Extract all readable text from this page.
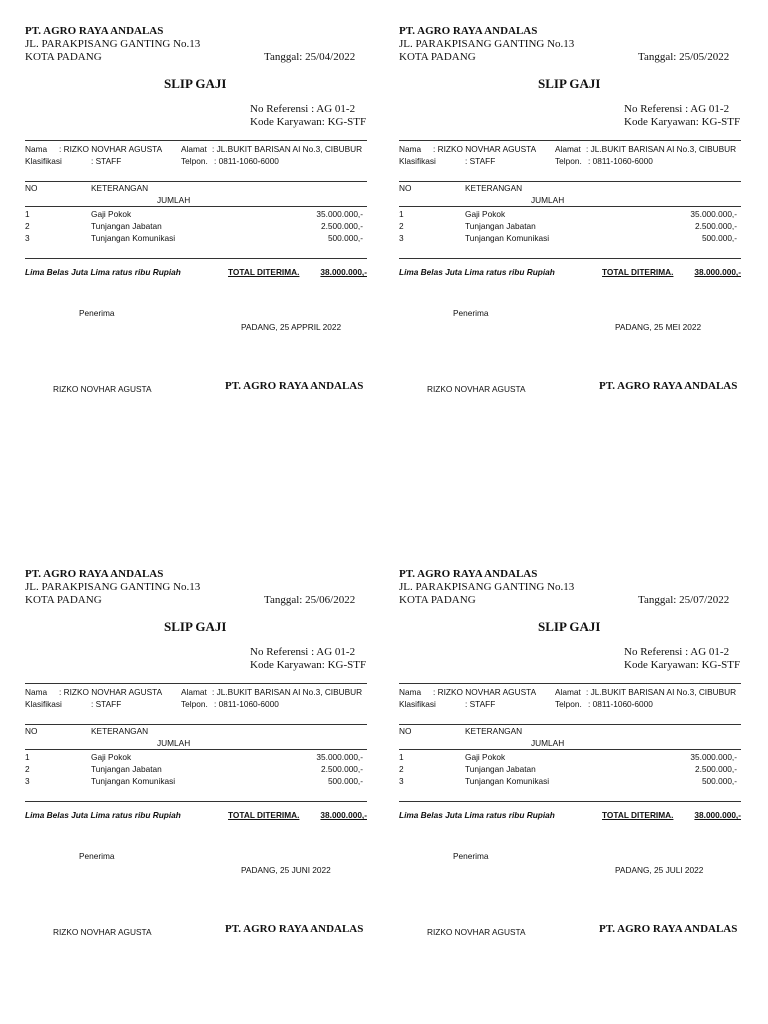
PT. AGRO RAYA ANDALAS
JL. PARAKPISANG GANTING No.13
KOTA PADANG	Tanggal: 25/04/2022
SLIP GAJI
No Referensi : AG 01-2
Kode Karyawan: KG-STF
Nama : RIZKO NOVHAR AGUSTA Alamat : JL.BUKIT BARISAN AI No.3, CIBUBUR
Klasifikasi	: STAFF	Telpon. : 0811-1060-6000
NO	KETERANGAN
JUMLAH
1	Gaji Pokok	35.000.000,-
2	Tunjangan Jabatan	2.500.000,-
3	Tunjangan Komunikasi	500.000,-
Lima Belas Juta Lima ratus ribu Rupiah	TOTAL DITERIMA.	38.000.000,-
Penerima
PADANG, 25 APPRIL 2022
RIZKO NOVHAR AGUSTA	PT. AGRO RAYA ANDALAS
PT. AGRO RAYA ANDALAS
JL. PARAKPISANG GANTING No.13
KOTA PADANG	Tanggal: 25/05/2022
SLIP GAJI
No Referensi : AG 01-2
Kode Karyawan: KG-STF
Nama : RIZKO NOVHAR AGUSTA Alamat : JL.BUKIT BARISAN AI No.3, CIBUBUR
Klasifikasi	: STAFF	Telpon. : 0811-1060-6000
NO	KETERANGAN
JUMLAH
1	Gaji Pokok	35.000.000,-
2	Tunjangan Jabatan	2.500.000,-
3	Tunjangan Komunikasi	500.000,-
Lima Belas Juta Lima ratus ribu Rupiah	TOTAL DITERIMA.	38.000.000,-
Penerima
PADANG, 25 MEI 2022
RIZKO NOVHAR AGUSTA	PT. AGRO RAYA ANDALAS
PT. AGRO RAYA ANDALAS
JL. PARAKPISANG GANTING No.13
KOTA PADANG	Tanggal: 25/06/2022
SLIP GAJI
No Referensi : AG 01-2
Kode Karyawan: KG-STF
Nama : RIZKO NOVHAR AGUSTA Alamat : JL.BUKIT BARISAN AI No.3, CIBUBUR
Klasifikasi	: STAFF	Telpon. : 0811-1060-6000
NO	KETERANGAN
JUMLAH
1	Gaji Pokok	35.000.000,-
2	Tunjangan Jabatan	2.500.000,-
3	Tunjangan Komunikasi	500.000,-
Lima Belas Juta Lima ratus ribu Rupiah	TOTAL DITERIMA.	38.000.000,-
Penerima
PADANG, 25 JUNI 2022
RIZKO NOVHAR AGUSTA	PT. AGRO RAYA ANDALAS
PT. AGRO RAYA ANDALAS
JL. PARAKPISANG GANTING No.13
KOTA PADANG	Tanggal: 25/07/2022
SLIP GAJI
No Referensi : AG 01-2
Kode Karyawan: KG-STF
Nama : RIZKO NOVHAR AGUSTA Alamat : JL.BUKIT BARISAN AI No.3, CIBUBUR
Klasifikasi	: STAFF	Telpon. : 0811-1060-6000
NO	KETERANGAN
JUMLAH
1	Gaji Pokok	35.000.000,-
2	Tunjangan Jabatan	2.500.000,-
3	Tunjangan Komunikasi	500.000,-
Lima Belas Juta Lima ratus ribu Rupiah	TOTAL DITERIMA.	38.000.000,-
Penerima
PADANG, 25 JULI 2022
RIZKO NOVHAR AGUSTA	PT. AGRO RAYA ANDALAS
